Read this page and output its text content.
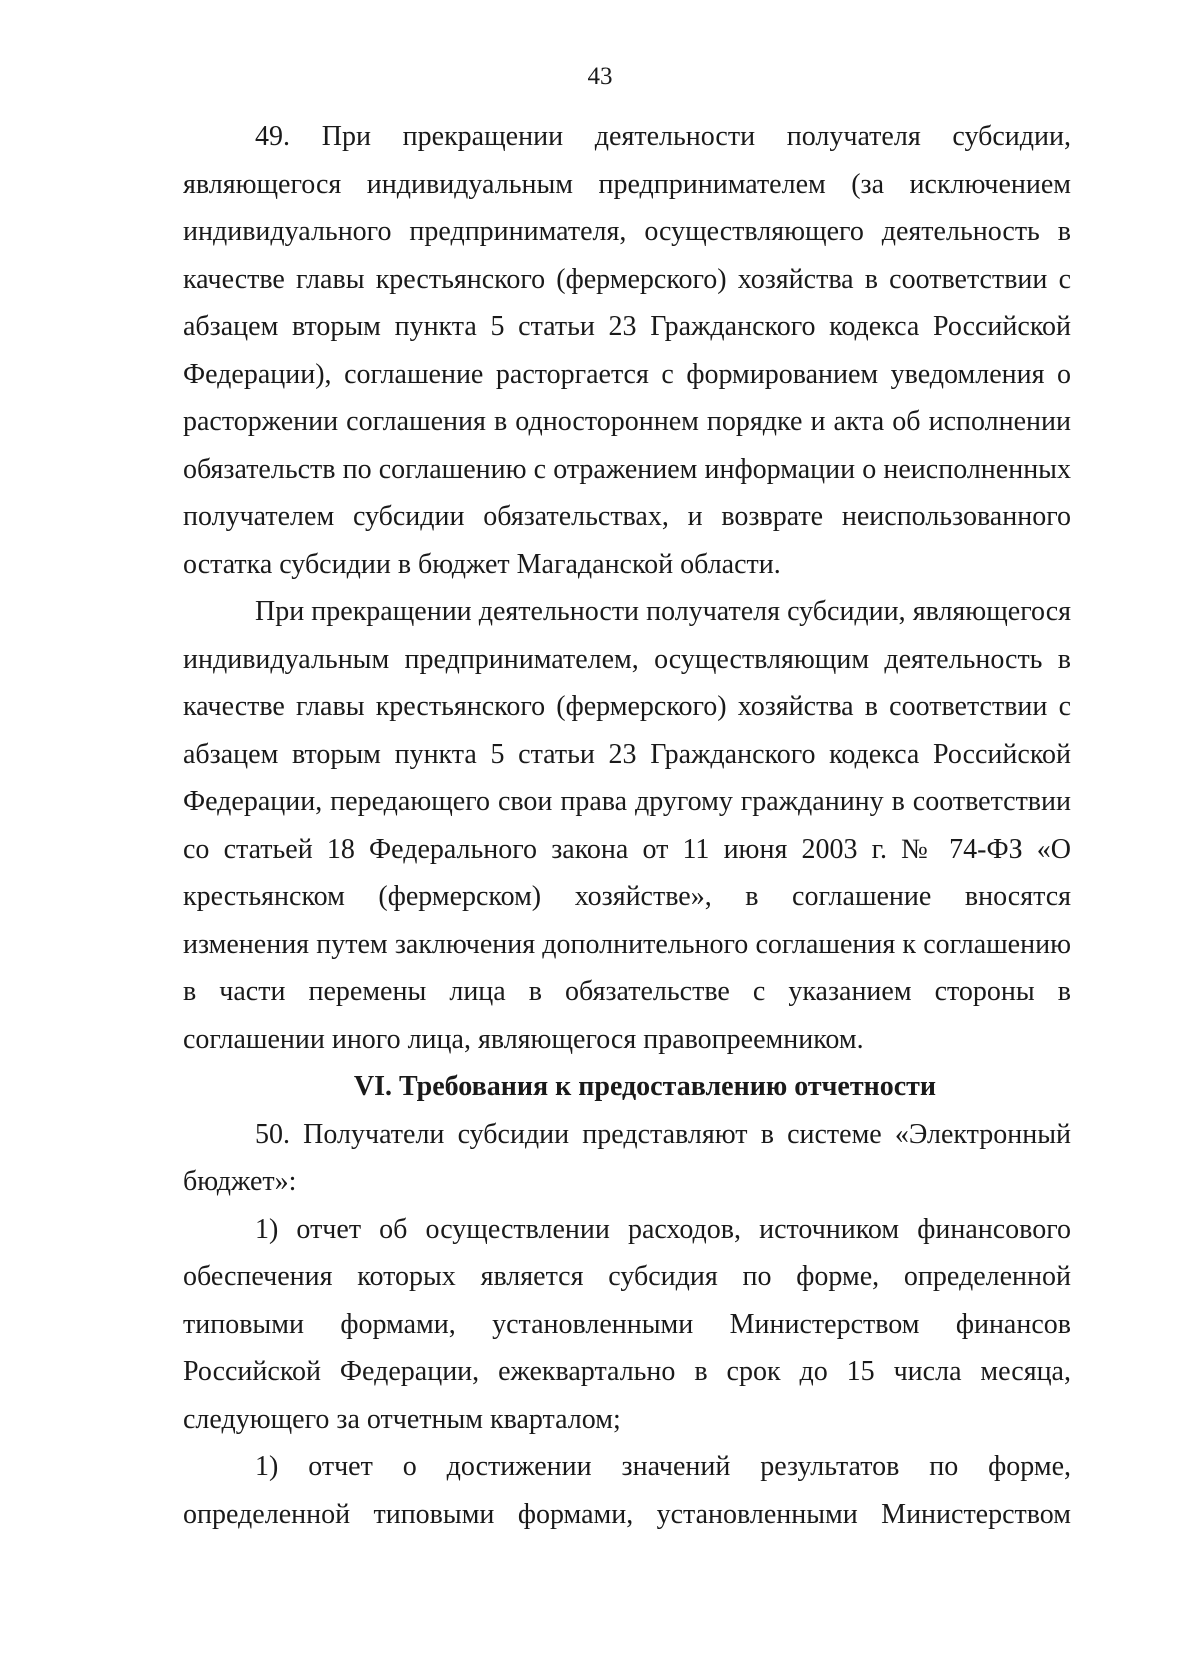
43

49. При прекращении деятельности получателя субсидии, являющегося индивидуальным предпринимателем (за исключением индивидуального предпринимателя, осуществляющего деятельность в качестве главы крестьянского (фермерского) хозяйства в соответствии с абзацем вторым пункта 5 статьи 23 Гражданского кодекса Российской Федерации), соглашение расторгается с формированием уведомления о расторжении соглашения в одностороннем порядке и акта об исполнении обязательств по соглашению с отражением информации о неисполненных получателем субсидии обязательствах, и возврате неиспользованного остатка субсидии в бюджет Магаданской области.

При прекращении деятельности получателя субсидии, являющегося индивидуальным предпринимателем, осуществляющим деятельность в качестве главы крестьянского (фермерского) хозяйства в соответствии с абзацем вторым пункта 5 статьи 23 Гражданского кодекса Российской Федерации, передающего свои права другому гражданину в соответствии со статьей 18 Федерального закона от 11 июня 2003 г. № 74-ФЗ «О крестьянском (фермерском) хозяйстве», в соглашение вносятся изменения путем заключения дополнительного соглашения к соглашению в части перемены лица в обязательстве с указанием стороны в соглашении иного лица, являющегося правопреемником.

VI. Требования к предоставлению отчетности

50. Получатели субсидии представляют в системе «Электронный бюджет»:

1) отчет об осуществлении расходов, источником финансового обеспечения которых является субсидия по форме, определенной типовыми формами, установленными Министерством финансов Российской Федерации, ежеквартально в срок до 15 числа месяца, следующего за отчетным кварталом;

1) отчет о достижении значений результатов по форме, определенной типовыми формами, установленными Министерством
